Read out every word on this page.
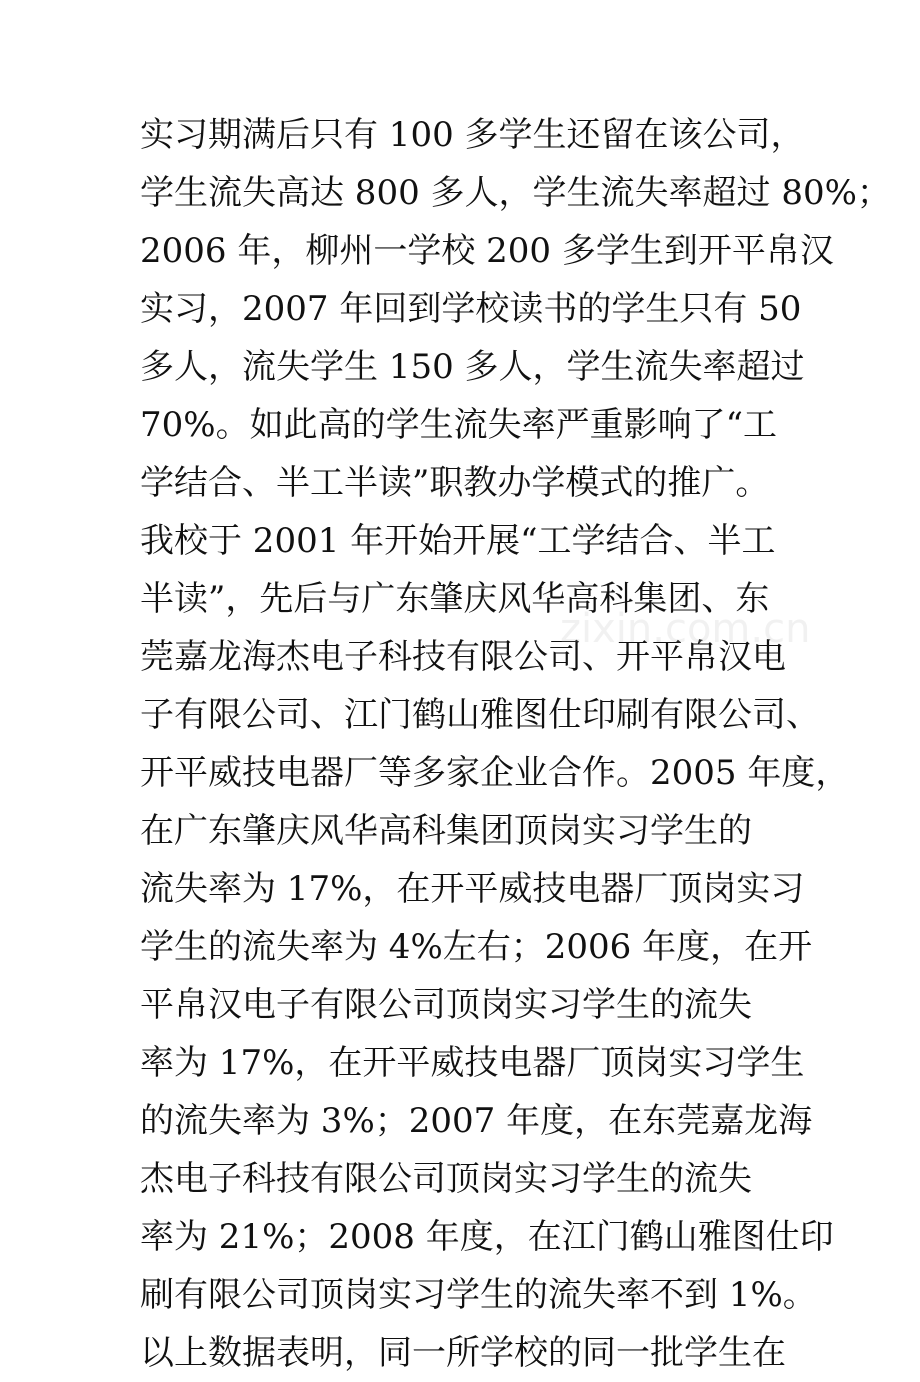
实习期满后只有 100 多学生还留在该公司，
学生流失高达 800 多人，学生流失率超过 80%；
2006 年，柳州一学校 200 多学生到开平帛汉
实习，2007 年回到学校读书的学生只有 50
多人，流失学生 150 多人，学生流失率超过
70%。如此高的学生流失率严重影响了“工
学结合、半工半读”职教办学模式的推广。
我校于 2001 年开始开展“工学结合、半工
半读”，先后与广东肇庆风华高科集团、东
莞嘉龙海杰电子科技有限公司、开平帛汉电
子有限公司、江门鹤山雅图仕印刷有限公司、
开平威技电器厂等多家企业合作。2005 年度，
在广东肇庆风华高科集团顶岗实习学生的
流失率为 17%，在开平威技电器厂顶岗实习
学生的流失率为 4%左右；2006 年度，在开
平帛汉电子有限公司顶岗实习学生的流失
率为 17%，在开平威技电器厂顶岗实习学生
的流失率为 3%；2007 年度，在东莞嘉龙海
杰电子科技有限公司顶岗实习学生的流失
率为 21%；2008 年度，在江门鹤山雅图仕印
刷有限公司顶岗实习学生的流失率不到 1%。
以上数据表明，同一所学校的同一批学生在
zixin.com.cn
